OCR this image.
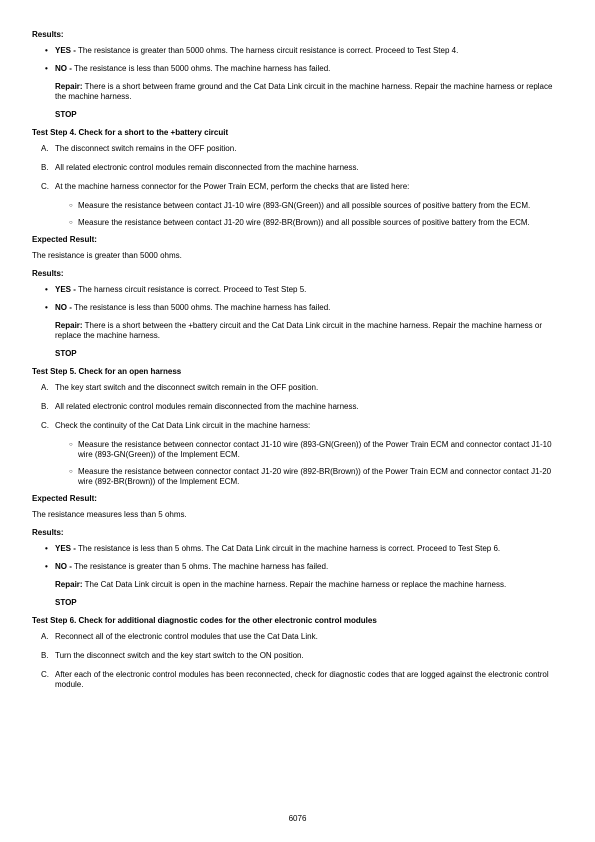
Results:
• YES - The resistance is greater than 5000 ohms. The harness circuit resistance is correct. Proceed to Test Step 4.
• NO - The resistance is less than 5000 ohms. The machine harness has failed.
Repair: There is a short between frame ground and the Cat Data Link circuit in the machine harness. Repair the machine harness or replace the machine harness.
STOP
Test Step 4. Check for a short to the +battery circuit
A. The disconnect switch remains in the OFF position.
B. All related electronic control modules remain disconnected from the machine harness.
C. At the machine harness connector for the Power Train ECM, perform the checks that are listed here:
○ Measure the resistance between contact J1-10 wire (893-GN(Green)) and all possible sources of positive battery from the ECM.
○ Measure the resistance between contact J1-20 wire (892-BR(Brown)) and all possible sources of positive battery from the ECM.
Expected Result:
The resistance is greater than 5000 ohms.
Results:
• YES - The harness circuit resistance is correct. Proceed to Test Step 5.
• NO - The resistance is less than 5000 ohms. The machine harness has failed.
Repair: There is a short between the +battery circuit and the Cat Data Link circuit in the machine harness. Repair the machine harness or replace the machine harness.
STOP
Test Step 5. Check for an open harness
A. The key start switch and the disconnect switch remain in the OFF position.
B. All related electronic control modules remain disconnected from the machine harness.
C. Check the continuity of the Cat Data Link circuit in the machine harness:
○ Measure the resistance between connector contact J1-10 wire (893-GN(Green)) of the Power Train ECM and connector contact J1-10 wire (893-GN(Green)) of the Implement ECM.
○ Measure the resistance between connector contact J1-20 wire (892-BR(Brown)) of the Power Train ECM and connector contact J1-20 wire (892-BR(Brown)) of the Implement ECM.
Expected Result:
The resistance measures less than 5 ohms.
Results:
• YES - The resistance is less than 5 ohms. The Cat Data Link circuit in the machine harness is correct. Proceed to Test Step 6.
• NO - The resistance is greater than 5 ohms. The machine harness has failed.
Repair: The Cat Data Link circuit is open in the machine harness. Repair the machine harness or replace the machine harness.
STOP
Test Step 6. Check for additional diagnostic codes for the other electronic control modules
A. Reconnect all of the electronic control modules that use the Cat Data Link.
B. Turn the disconnect switch and the key start switch to the ON position.
C. After each of the electronic control modules has been reconnected, check for diagnostic codes that are logged against the electronic control module.
6076
